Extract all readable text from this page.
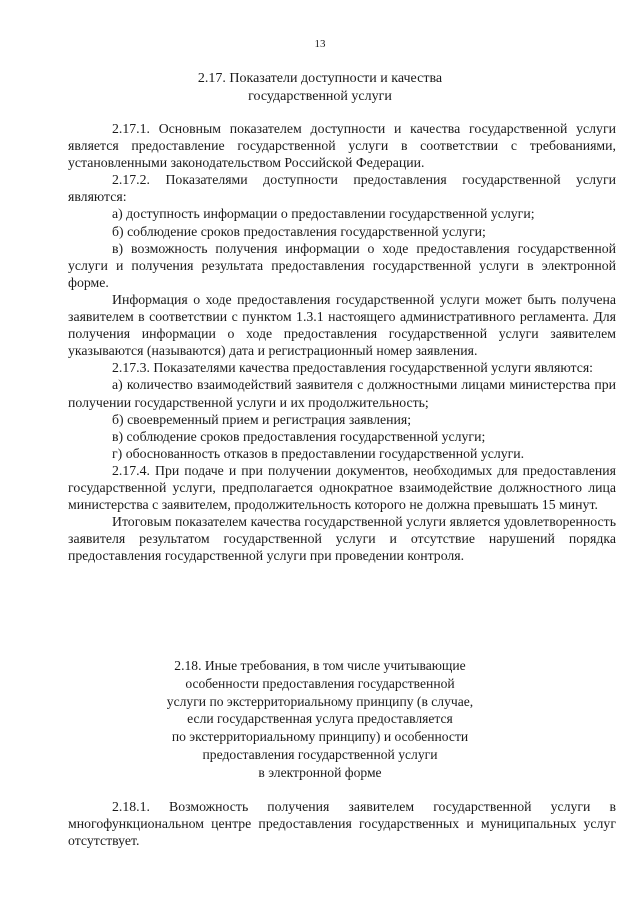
13
2.17. Показатели доступности и качества
государственной услуги

2.17.1. Основным показателем доступности и качества государственной услуги является предоставление государственной услуги в соответствии с требованиями, установленными законодательством Российской Федерации.

2.17.2. Показателями доступности предоставления государственной услуги являются:

а) доступность информации о предоставлении государственной услуги;

б) соблюдение сроков предоставления государственной услуги;

в) возможность получения информации о ходе предоставления государственной услуги и получения результата предоставления государственной услуги в электронной форме.

Информация о ходе предоставления государственной услуги может быть получена заявителем в соответствии с пунктом 1.3.1 настоящего административного регламента. Для получения информации о ходе предоставления государственной услуги заявителем указываются (называются) дата и регистрационный номер заявления.

2.17.3. Показателями качества предоставления государственной услуги являются:

а) количество взаимодействий заявителя с должностными лицами министерства при получении государственной услуги и их продолжительность;

б) своевременный прием и регистрация заявления;

в) соблюдение сроков предоставления государственной услуги;

г) обоснованность отказов в предоставлении государственной услуги.

2.17.4. При подаче и при получении документов, необходимых для предоставления государственной услуги, предполагается однократное взаимодействие должностного лица министерства с заявителем, продолжительность которого не должна превышать 15 минут.

Итоговым показателем качества государственной услуги является удовлетворенность заявителя результатом государственной услуги и отсутствие нарушений порядка предоставления государственной услуги при проведении контроля.

2.18. Иные требования, в том числе учитывающие
особенности предоставления государственной
услуги по экстерриториальному принципу (в случае,
если государственная услуга предоставляется
по экстерриториальному принципу) и особенности
предоставления государственной услуги
в электронной форме

2.18.1. Возможность получения заявителем государственной услуги в многофункциональном центре предоставления государственных и муниципальных услуг отсутствует.
